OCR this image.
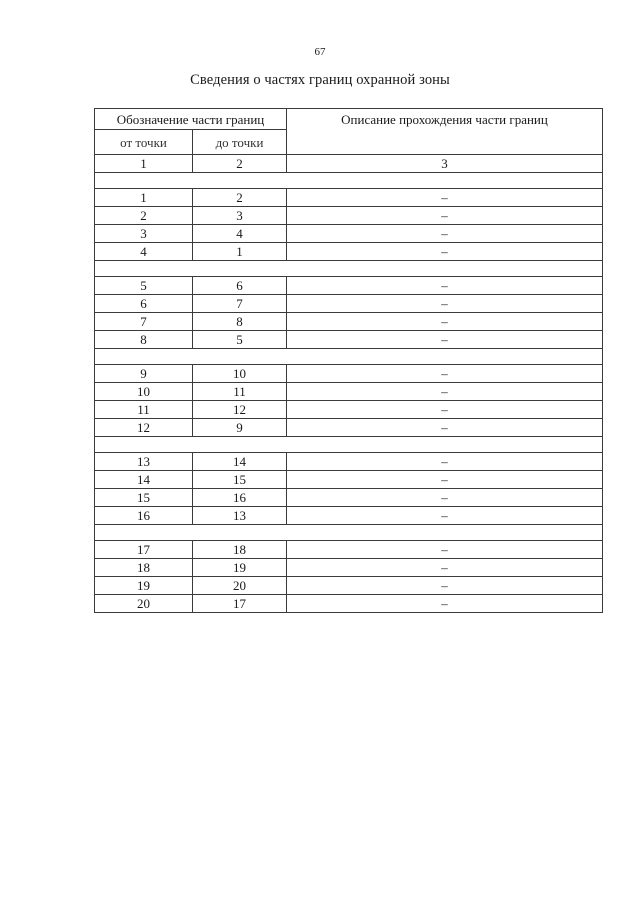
67
Сведения о частях границ охранной зоны
Обозначение части границ		Описание прохождения части границ
от точки	до точки	
1	2	3

1	2	–
2	3	–
3	4	–
4	1	–

5	6	–
6	7	–
7	8	–
8	5	–

9	10	–
10	11	–
11	12	–
12	9	–

13	14	–
14	15	–
15	16	–
16	13	–

17	18	–
18	19	–
19	20	–
20	17	–
